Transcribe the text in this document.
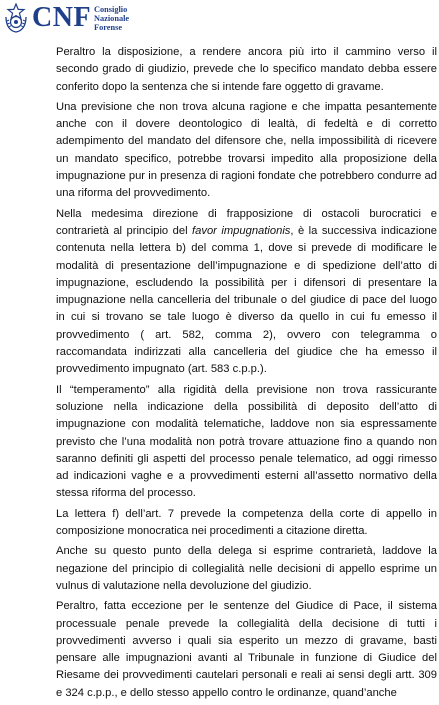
CNF Consiglio
Nazionale
Forense

Peraltro la disposizione, a rendere ancora più irto il cammino verso il secondo grado di giudizio, prevede che lo specifico mandato debba essere conferito dopo la sentenza che si intende fare oggetto di gravame.

Una previsione che non trova alcuna ragione e che impatta pesantemente anche con il dovere deontologico di lealtà, di fedeltà e di corretto adempimento del mandato del difensore che, nella impossibilità di ricevere un mandato specifico, potrebbe trovarsi impedito alla proposizione della impugnazione pur in presenza di ragioni fondate che potrebbero condurre ad una riforma del provvedimento.

Nella medesima direzione di frapposizione di ostacoli burocratici e contrarietà al principio del favor impugnationis, è la successiva indicazione contenuta nella lettera b) del comma 1, dove si prevede di modificare le modalità di presentazione dell’impugnazione e di spedizione dell’atto di impugnazione, escludendo la possibilità per i difensori di presentare la impugnazione nella cancelleria del tribunale o del giudice di pace del luogo in cui si trovano se tale luogo è diverso da quello in cui fu emesso il provvedimento ( art. 582, comma 2), ovvero con telegramma o raccomandata indirizzati alla cancelleria del giudice che ha emesso il provvedimento impugnato (art. 583 c.p.p.).

Il “temperamento” alla rigidità della previsione non trova rassicurante soluzione nella indicazione della possibilità di deposito dell’atto di impugnazione con modalità telematiche, laddove non sia espressamente previsto che l’una modalità non potrà trovare attuazione fino a quando non saranno definiti gli aspetti del processo penale telematico, ad oggi rimesso ad indicazioni vaghe e a provvedimenti esterni all’assetto normativo della stessa riforma del processo.

La lettera f) dell’art. 7 prevede la competenza della corte di appello in composizione monocratica nei procedimenti a citazione diretta.

Anche su questo punto della delega si esprime contrarietà, laddove la negazione del principio di collegialità nelle decisioni di appello esprime un vulnus di valutazione nella devoluzione del giudizio.

Peraltro, fatta eccezione per le sentenze del Giudice di Pace, il sistema processuale penale prevede la collegialità della decisione di tutti i provvedimenti avverso i quali sia esperito un mezzo di gravame, basti pensare alle impugnazioni avanti al Tribunale in funzione di Giudice del Riesame dei provvedimenti cautelari personali e reali ai sensi degli artt. 309 e 324 c.p.p., e dello stesso appello contro le ordinanze, quand’anche
